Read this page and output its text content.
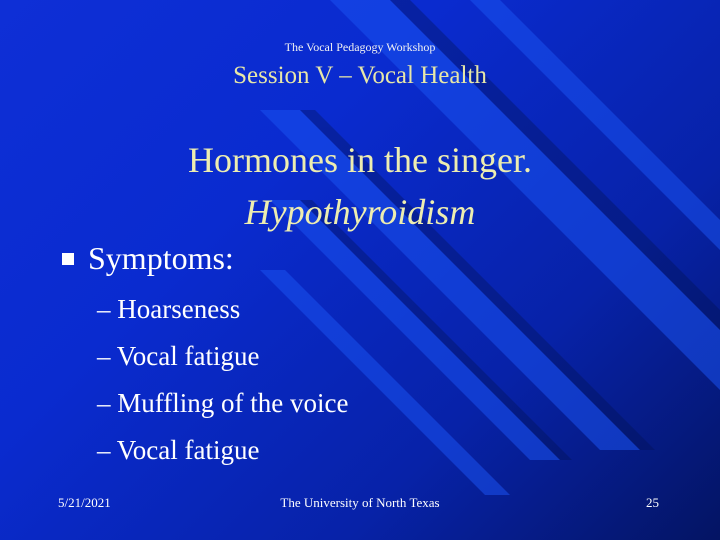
The Vocal Pedagogy Workshop
Session V – Vocal Health
Hormones in the singer.
Hypothyroidism
Symptoms:
– Hoarseness
– Vocal fatigue
– Muffling of the voice
– Vocal fatigue
5/21/2021	The University of North Texas	25
